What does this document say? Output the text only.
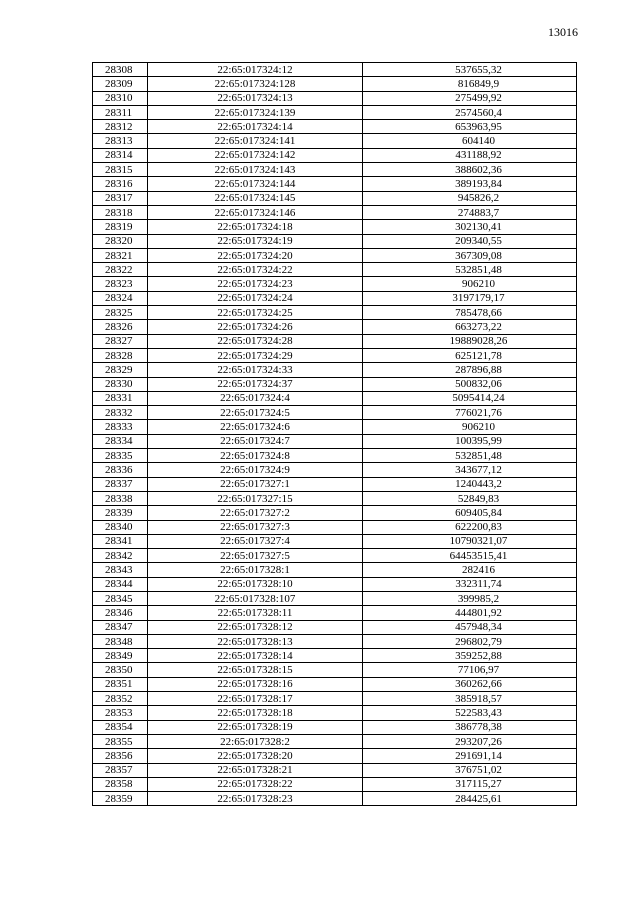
13016
28308	22:65:017324:12	537655,32
28309	22:65:017324:128	816849,9
28310	22:65:017324:13	275499,92
28311	22:65:017324:139	2574560,4
28312	22:65:017324:14	653963,95
28313	22:65:017324:141	604140
28314	22:65:017324:142	431188,92
28315	22:65:017324:143	388602,36
28316	22:65:017324:144	389193,84
28317	22:65:017324:145	945826,2
28318	22:65:017324:146	274883,7
28319	22:65:017324:18	302130,41
28320	22:65:017324:19	209340,55
28321	22:65:017324:20	367309,08
28322	22:65:017324:22	532851,48
28323	22:65:017324:23	906210
28324	22:65:017324:24	3197179,17
28325	22:65:017324:25	785478,66
28326	22:65:017324:26	663273,22
28327	22:65:017324:28	19889028,26
28328	22:65:017324:29	625121,78
28329	22:65:017324:33	287896,88
28330	22:65:017324:37	500832,06
28331	22:65:017324:4	5095414,24
28332	22:65:017324:5	776021,76
28333	22:65:017324:6	906210
28334	22:65:017324:7	100395,99
28335	22:65:017324:8	532851,48
28336	22:65:017324:9	343677,12
28337	22:65:017327:1	1240443,2
28338	22:65:017327:15	52849,83
28339	22:65:017327:2	609405,84
28340	22:65:017327:3	622200,83
28341	22:65:017327:4	10790321,07
28342	22:65:017327:5	64453515,41
28343	22:65:017328:1	282416
28344	22:65:017328:10	332311,74
28345	22:65:017328:107	399985,2
28346	22:65:017328:11	444801,92
28347	22:65:017328:12	457948,34
28348	22:65:017328:13	296802,79
28349	22:65:017328:14	359252,88
28350	22:65:017328:15	77106,97
28351	22:65:017328:16	360262,66
28352	22:65:017328:17	385918,57
28353	22:65:017328:18	522583,43
28354	22:65:017328:19	386778,38
28355	22:65:017328:2	293207,26
28356	22:65:017328:20	291691,14
28357	22:65:017328:21	376751,02
28358	22:65:017328:22	317115,27
28359	22:65:017328:23	284425,61
